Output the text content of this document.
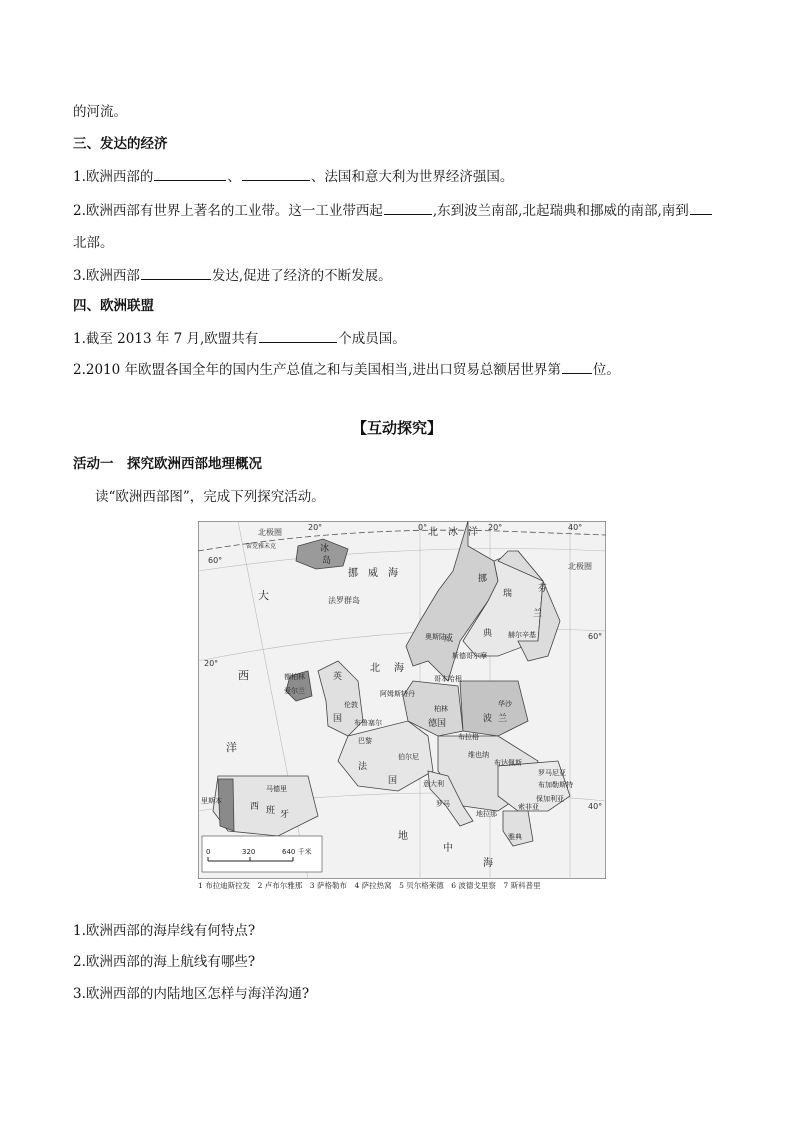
的河流。
三、发达的经济
1.欧洲西部的	、	、法国和意大利为世界经济强国。
2.欧洲西部有世界上著名的工业带。这一工业带西起	,东到波兰南部,北起瑞典和挪威的南部,南到
北部。
3.欧洲西部	发达,促进了经济的不断发展。
四、欧洲联盟
1.截至 2013 年 7 月,欧盟共有	个成员国。
2.2010 年欧盟各国全年的国内生产总值之和与美国相当,进出口贸易总额居世界第 位。
【互动探究】
活动一　探究欧洲西部地理概况
读“欧洲西部图”，完成下列探究活动。
60°
20°
60°
40°
20°	0°	20°	40°
北极圈
北极圈
雷克雅未克	冰
岛
大
西
洋
挪　威　海
法罗群岛
挪
威
瑞
典
芬
兰
奥斯陆
斯德哥尔摩
赫尔辛基
都柏林
爱尔兰
英
国
北 海
哥本哈根
阿姆斯特丹
伦敦
布鲁塞尔
巴黎
柏林
德国
华沙
波 兰
布拉格
法
国
伯尔尼	维也纳
布达佩斯
罗马尼亚
布加勒斯特
保加利亚
索非亚
马德里
西 班 牙
里斯本	罗马
意大利
雅典
地拉那
地
中
海
北　冰　洋
0	320	640 千米
1 布拉迪斯拉发　2 卢布尔雅那　3 萨格勒布　4 萨拉热窝　5 贝尔格莱德　6 波德戈里察　7 斯科普里
1.欧洲西部的海岸线有何特点?
2.欧洲西部的海上航线有哪些?
3.欧洲西部的内陆地区怎样与海洋沟通?
